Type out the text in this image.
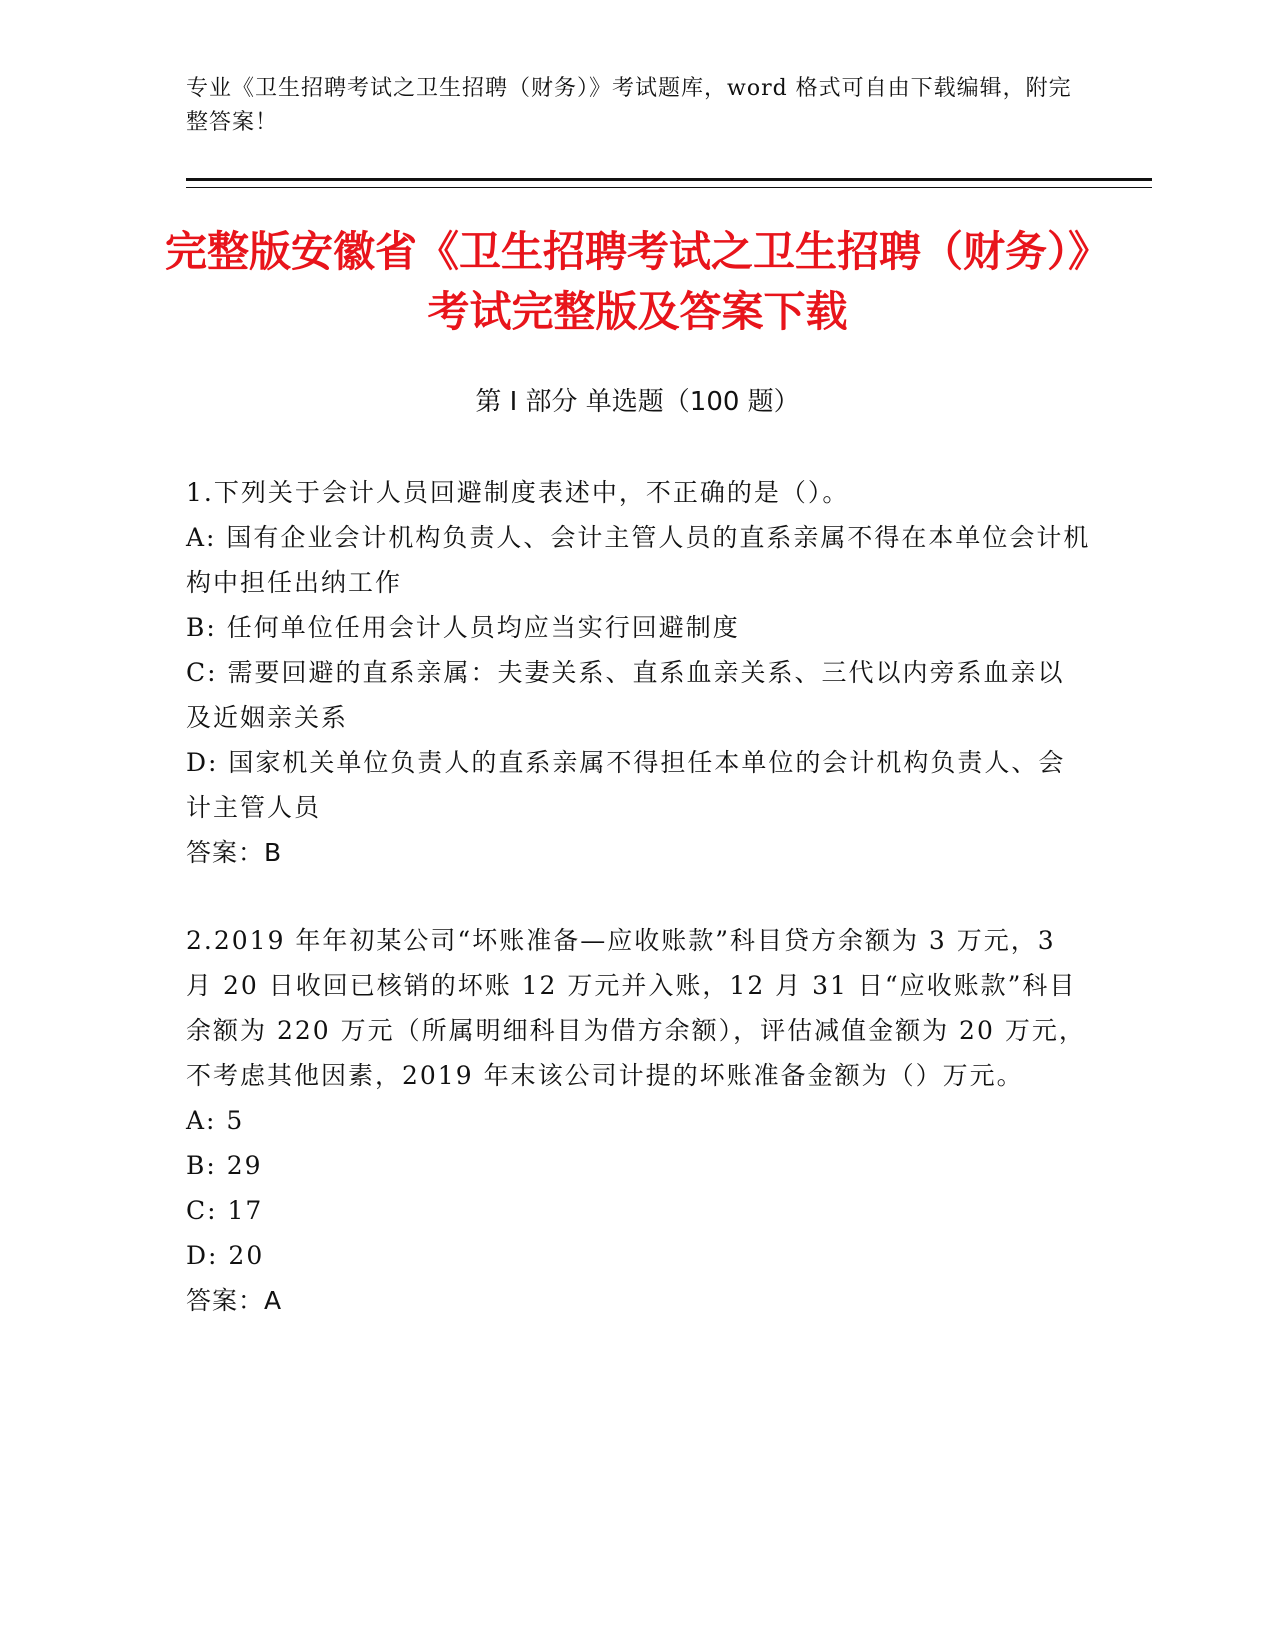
专业《卫生招聘考试之卫生招聘（财务）》考试题库，word 格式可自由下载编辑，附完整答案！
完整版安徽省《卫生招聘考试之卫生招聘（财务）》考试完整版及答案下载
第 I 部分 单选题（100 题）
1.下列关于会计人员回避制度表述中，不正确的是（）。
A: 国有企业会计机构负责人、会计主管人员的直系亲属不得在本单位会计机构中担任出纳工作
B: 任何单位任用会计人员均应当实行回避制度
C: 需要回避的直系亲属：夫妻关系、直系血亲关系、三代以内旁系血亲以及近姻亲关系
D: 国家机关单位负责人的直系亲属不得担任本单位的会计机构负责人、会计主管人员
答案：B
2.2019 年年初某公司“坏账准备—应收账款”科目贷方余额为 3 万元，3 月 20 日收回已核销的坏账 12 万元并入账，12 月 31 日“应收账款”科目余额为 220 万元（所属明细科目为借方余额），评估减值金额为 20 万元，不考虑其他因素，2019 年末该公司计提的坏账准备金额为（）万元。
A: 5
B: 29
C: 17
D: 20
答案：A
